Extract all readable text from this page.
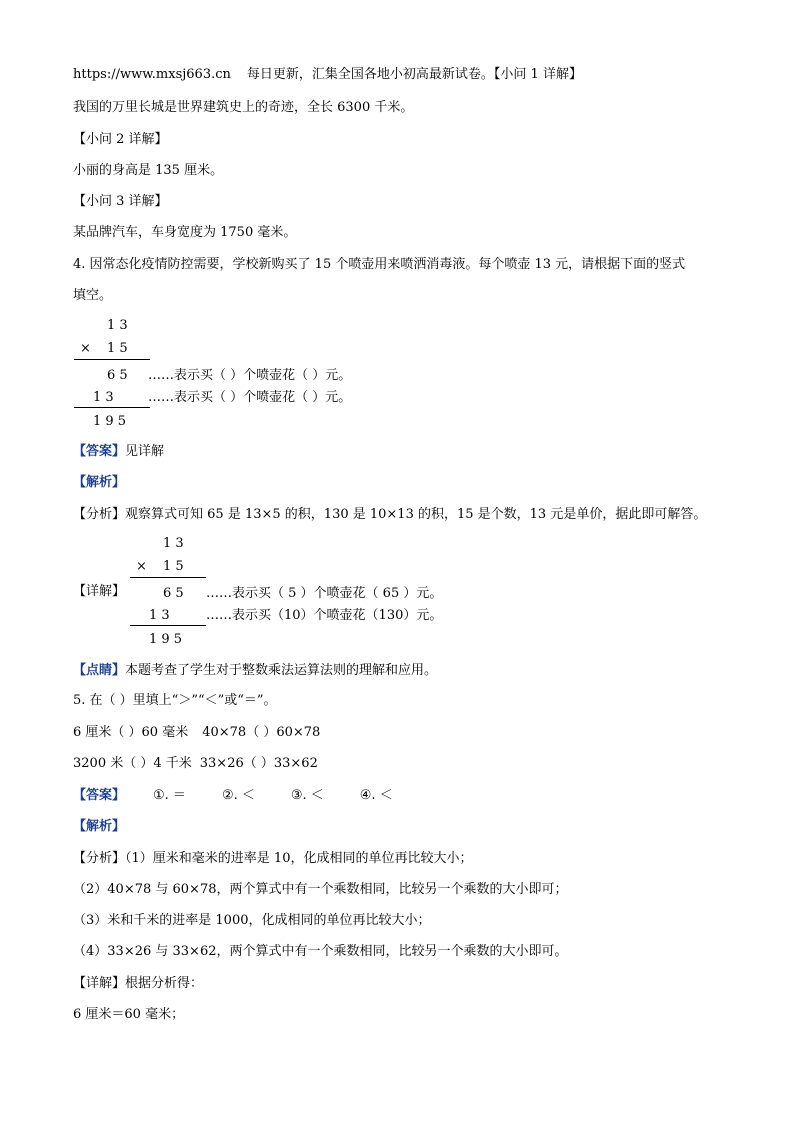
https://www.mxsj663.cn 每日更新，汇集全国各地小初高最新试卷。【小问 1 详解】
我国的万里长城是世界建筑史上的奇迹，全长 6300 千米。
【小问 2 详解】
小丽的身高是 135 厘米。
【小问 3 详解】
某品牌汽车，车身宽度为 1750 毫米。
4. 因常态化疫情防控需要，学校新购买了 15 个喷壶用来喷洒消毒液。每个喷壶 13 元，请根据下面的竖式
填空。
1 3
× 1 5
6 5 ……表示买（ ）个喷壶花（ ）元。
1 3	……表示买（ ）个喷壶花（ ）元。
1 9 5
【答案】见详解
【解析】
【分析】观察算式可知 65 是 13×5 的积，130 是 10×13 的积，15 是个数，13 元是单价，据此即可解答。
1 3
× 1 5
【详解】	6 5 ……表示买（ 5 ）个喷壶花（ 65 ）元。
1 3	……表示买（10）个喷壶花（130）元。
1 9 5
【点睛】本题考查了学生对于整数乘法运算法则的理解和应用。
5. 在（ ）里填上“＞”“＜”或“＝”。
6 厘米（ ）60 毫米 40×78（ ）60×78
3200 米（ ）4 千米 33×26（ ）33×62
【答案】 ①. ＝	②. ＜	③. ＜	④. ＜
【解析】
【分析】（1）厘米和毫米的进率是 10，化成相同的单位再比较大小；
（2）40×78 与 60×78，两个算式中有一个乘数相同，比较另一个乘数的大小即可；
（3）米和千米的进率是 1000，化成相同的单位再比较大小；
（4）33×26 与 33×62，两个算式中有一个乘数相同，比较另一个乘数的大小即可。
【详解】根据分析得：
6 厘米＝60 毫米；
